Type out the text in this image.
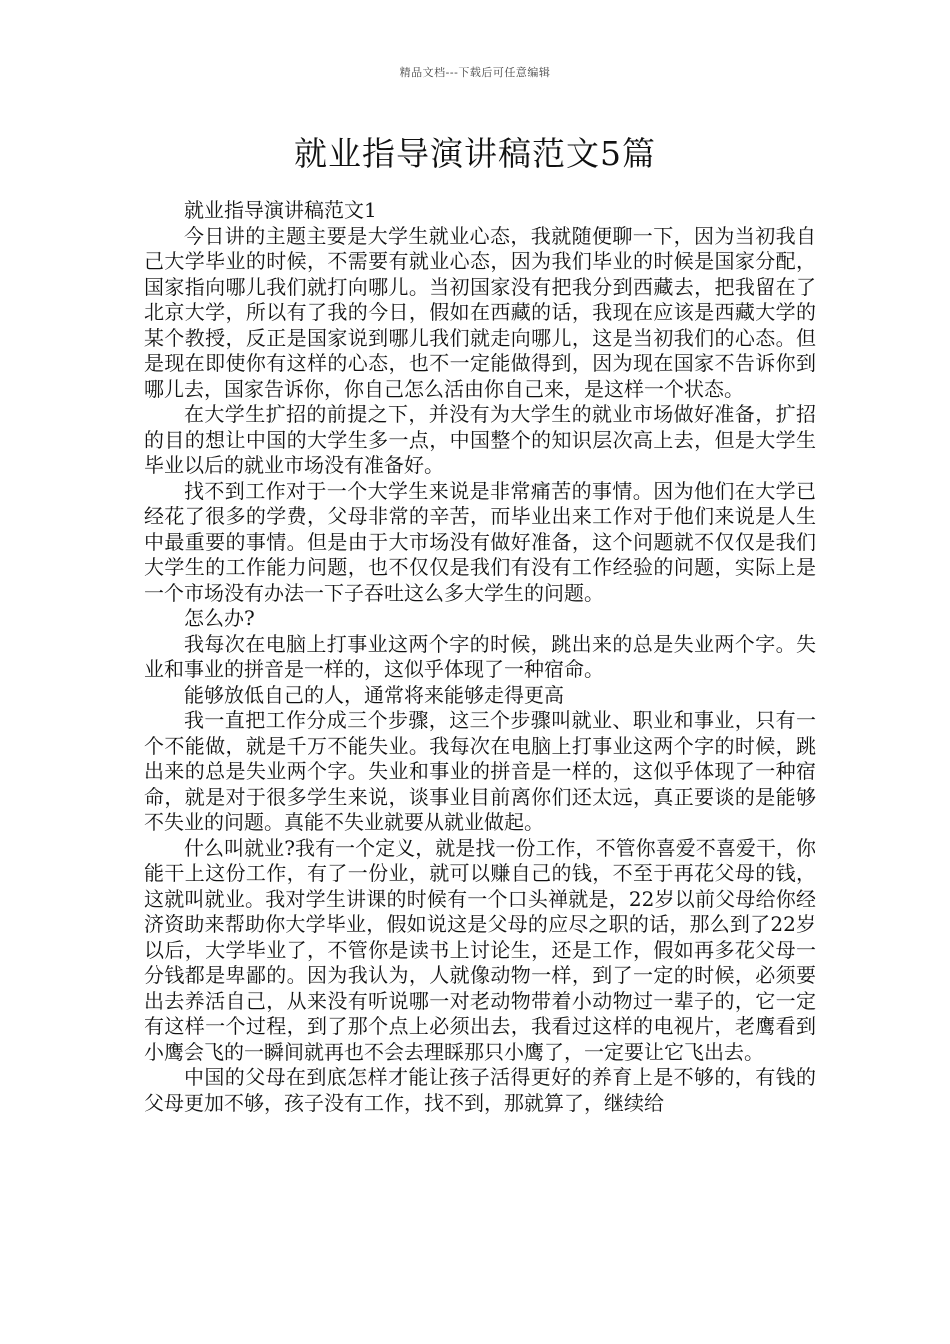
精品文档---下载后可任意编辑
就业指导演讲稿范文5篇

就业指导演讲稿范文1

今日讲的主题主要是大学生就业心态，我就随便聊一下，因为当初我自己大学毕业的时候，不需要有就业心态，因为我们毕业的时候是国家分配，国家指向哪儿我们就打向哪儿。当初国家没有把我分到西藏去，把我留在了北京大学，所以有了我的今日，假如在西藏的话，我现在应该是西藏大学的某个教授，反正是国家说到哪儿我们就走向哪儿，这是当初我们的心态。但是现在即使你有这样的心态，也不一定能做得到，因为现在国家不告诉你到哪儿去，国家告诉你，你自己怎么活由你自己来，是这样一个状态。

在大学生扩招的前提之下，并没有为大学生的就业市场做好准备，扩招的目的想让中国的大学生多一点，中国整个的知识层次高上去，但是大学生毕业以后的就业市场没有准备好。

找不到工作对于一个大学生来说是非常痛苦的事情。因为他们在大学已经花了很多的学费，父母非常的辛苦，而毕业出来工作对于他们来说是人生中最重要的事情。但是由于大市场没有做好准备，这个问题就不仅仅是我们大学生的工作能力问题，也不仅仅是我们有没有工作经验的问题，实际上是一个市场没有办法一下子吞吐这么多大学生的问题。

怎么办?

我每次在电脑上打事业这两个字的时候，跳出来的总是失业两个字。失业和事业的拼音是一样的，这似乎体现了一种宿命。

能够放低自己的人，通常将来能够走得更高

我一直把工作分成三个步骤，这三个步骤叫就业、职业和事业，只有一个不能做，就是千万不能失业。我每次在电脑上打事业这两个字的时候，跳出来的总是失业两个字。失业和事业的拼音是一样的，这似乎体现了一种宿命，就是对于很多学生来说，谈事业目前离你们还太远，真正要谈的是能够不失业的问题。真能不失业就要从就业做起。

什么叫就业?我有一个定义，就是找一份工作，不管你喜爱不喜爱干，你能干上这份工作，有了一份业，就可以赚自己的钱，不至于再花父母的钱，这就叫就业。我对学生讲课的时候有一个口头禅就是，22岁以前父母给你经济资助来帮助你大学毕业，假如说这是父母的应尽之职的话，那么到了22岁以后，大学毕业了，不管你是读书上讨论生，还是工作，假如再多花父母一分钱都是卑鄙的。因为我认为，人就像动物一样，到了一定的时候，必须要出去养活自己，从来没有听说哪一对老动物带着小动物过一辈子的，它一定有这样一个过程，到了那个点上必须出去，我看过这样的电视片，老鹰看到小鹰会飞的一瞬间就再也不会去理睬那只小鹰了，一定要让它飞出去。

中国的父母在到底怎样才能让孩子活得更好的养育上是不够的，有钱的父母更加不够，孩子没有工作，找不到，那就算了，继续给
